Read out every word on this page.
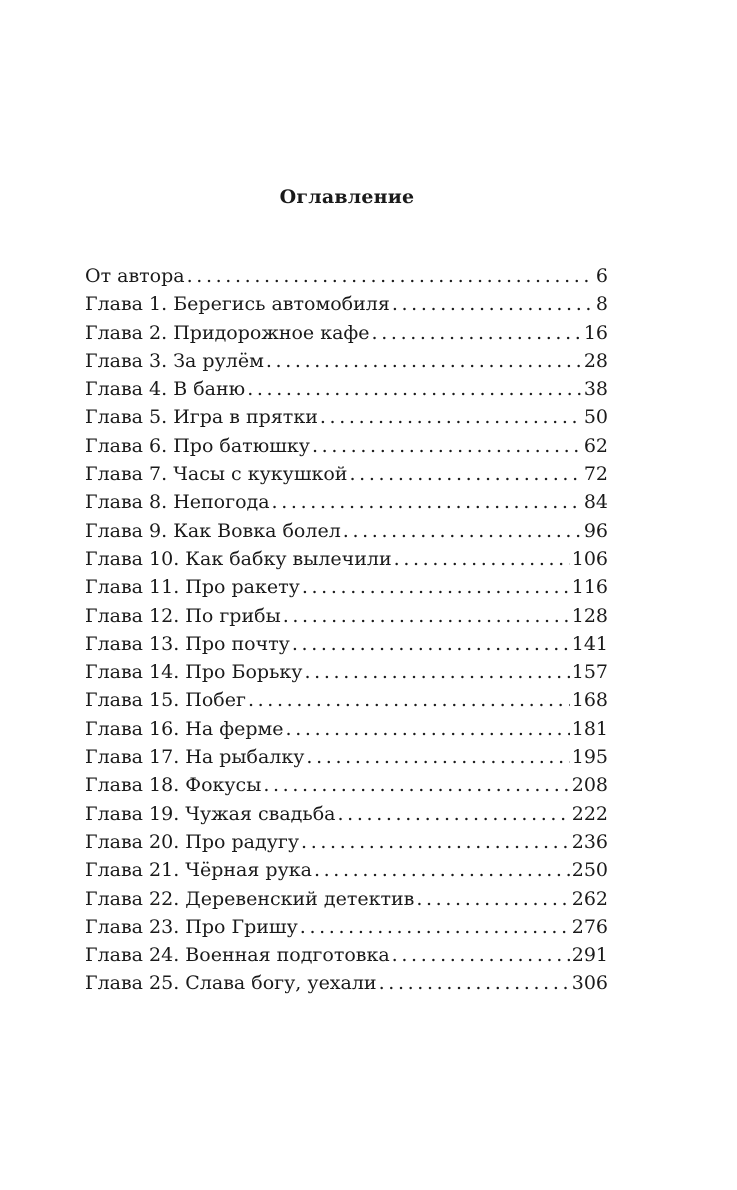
Оглавление
От автора . . .	6
Глава 1. Берегись автомобиля . . .	8
Глава 2. Придорожное кафе . . .	16
Глава 3. За рулём . . .	28
Глава 4. В баню . . .	38
Глава 5. Игра в прятки . . .	50
Глава 6. Про батюшку . . .	62
Глава 7. Часы с кукушкой . . .	72
Глава 8. Непогода . . .	84
Глава 9. Как Вовка болел . . .	96
Глава 10. Как бабку вылечили . . .	106
Глава 11. Про ракету . . .	116
Глава 12. По грибы . . .	128
Глава 13. Про почту . . .	141
Глава 14. Про Борьку . . .	157
Глава 15. Побег . . .	168
Глава 16. На ферме . . .	181
Глава 17. На рыбалку . . .	195
Глава 18. Фокусы . . .	208
Глава 19. Чужая свадьба . . .	222
Глава 20. Про радугу . . .	236
Глава 21. Чёрная рука . . .	250
Глава 22. Деревенский детектив . . .	262
Глава 23. Про Гришу . . .	276
Глава 24. Военная подготовка . . .	291
Глава 25. Слава богу, уехали . . .	306
